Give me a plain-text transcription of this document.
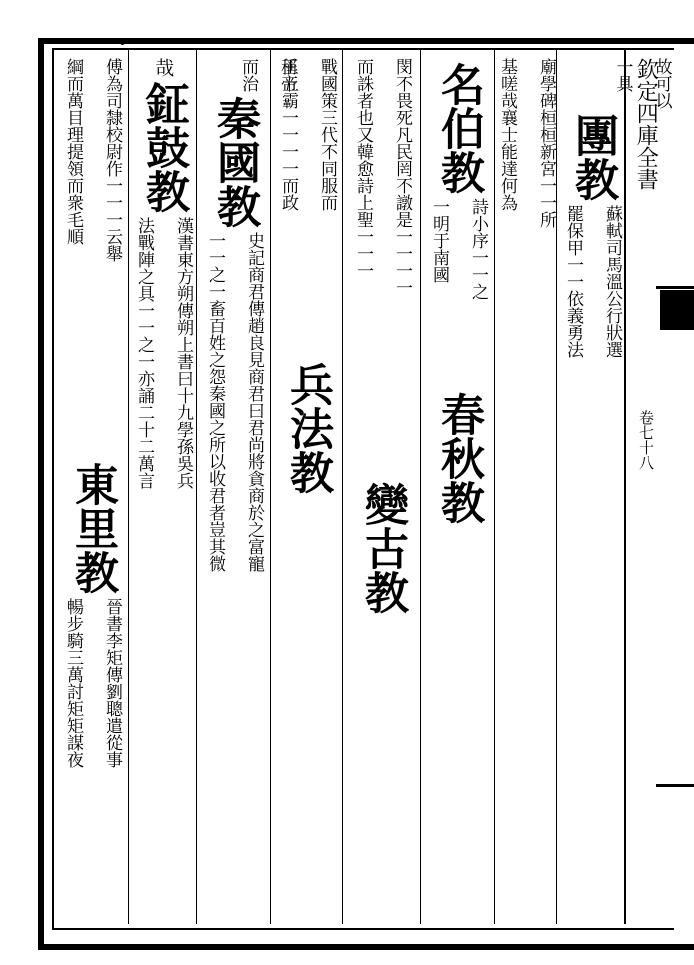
欽定四庫全書
卷七十八
故可以
一具
團教
蘇軾司馬溫公行狀選
罷保甲一一依義勇法
廟學碑桓桓新宮一一所
基嗟哉襄士能達何為
名伯教
詩小序一一之
一明于南國
春秋教
閔不畏死凡民罔不譈是一一一一
而誅者也又韓愈詩上聖一一一
變古教
戰國策三代不同服而
王五霸一一一一而政
兵法教
稱帝
而治
秦國教
史記商君傳趙良見商君曰君尚將貪商於之富寵
一一之一畜百姓之怨秦國之所以收君者豈其微
哉
鉦鼓教
漢書東方朔傳朔上書曰十九學孫吳兵
法戰陣之具一一之一亦誦二十二萬言
傅為司隸校尉作一一一云舉
綱而萬目理提領而衆毛順
東里教
晉書李矩傳劉聰遣從事
暢步騎三萬討矩矩謀夜
